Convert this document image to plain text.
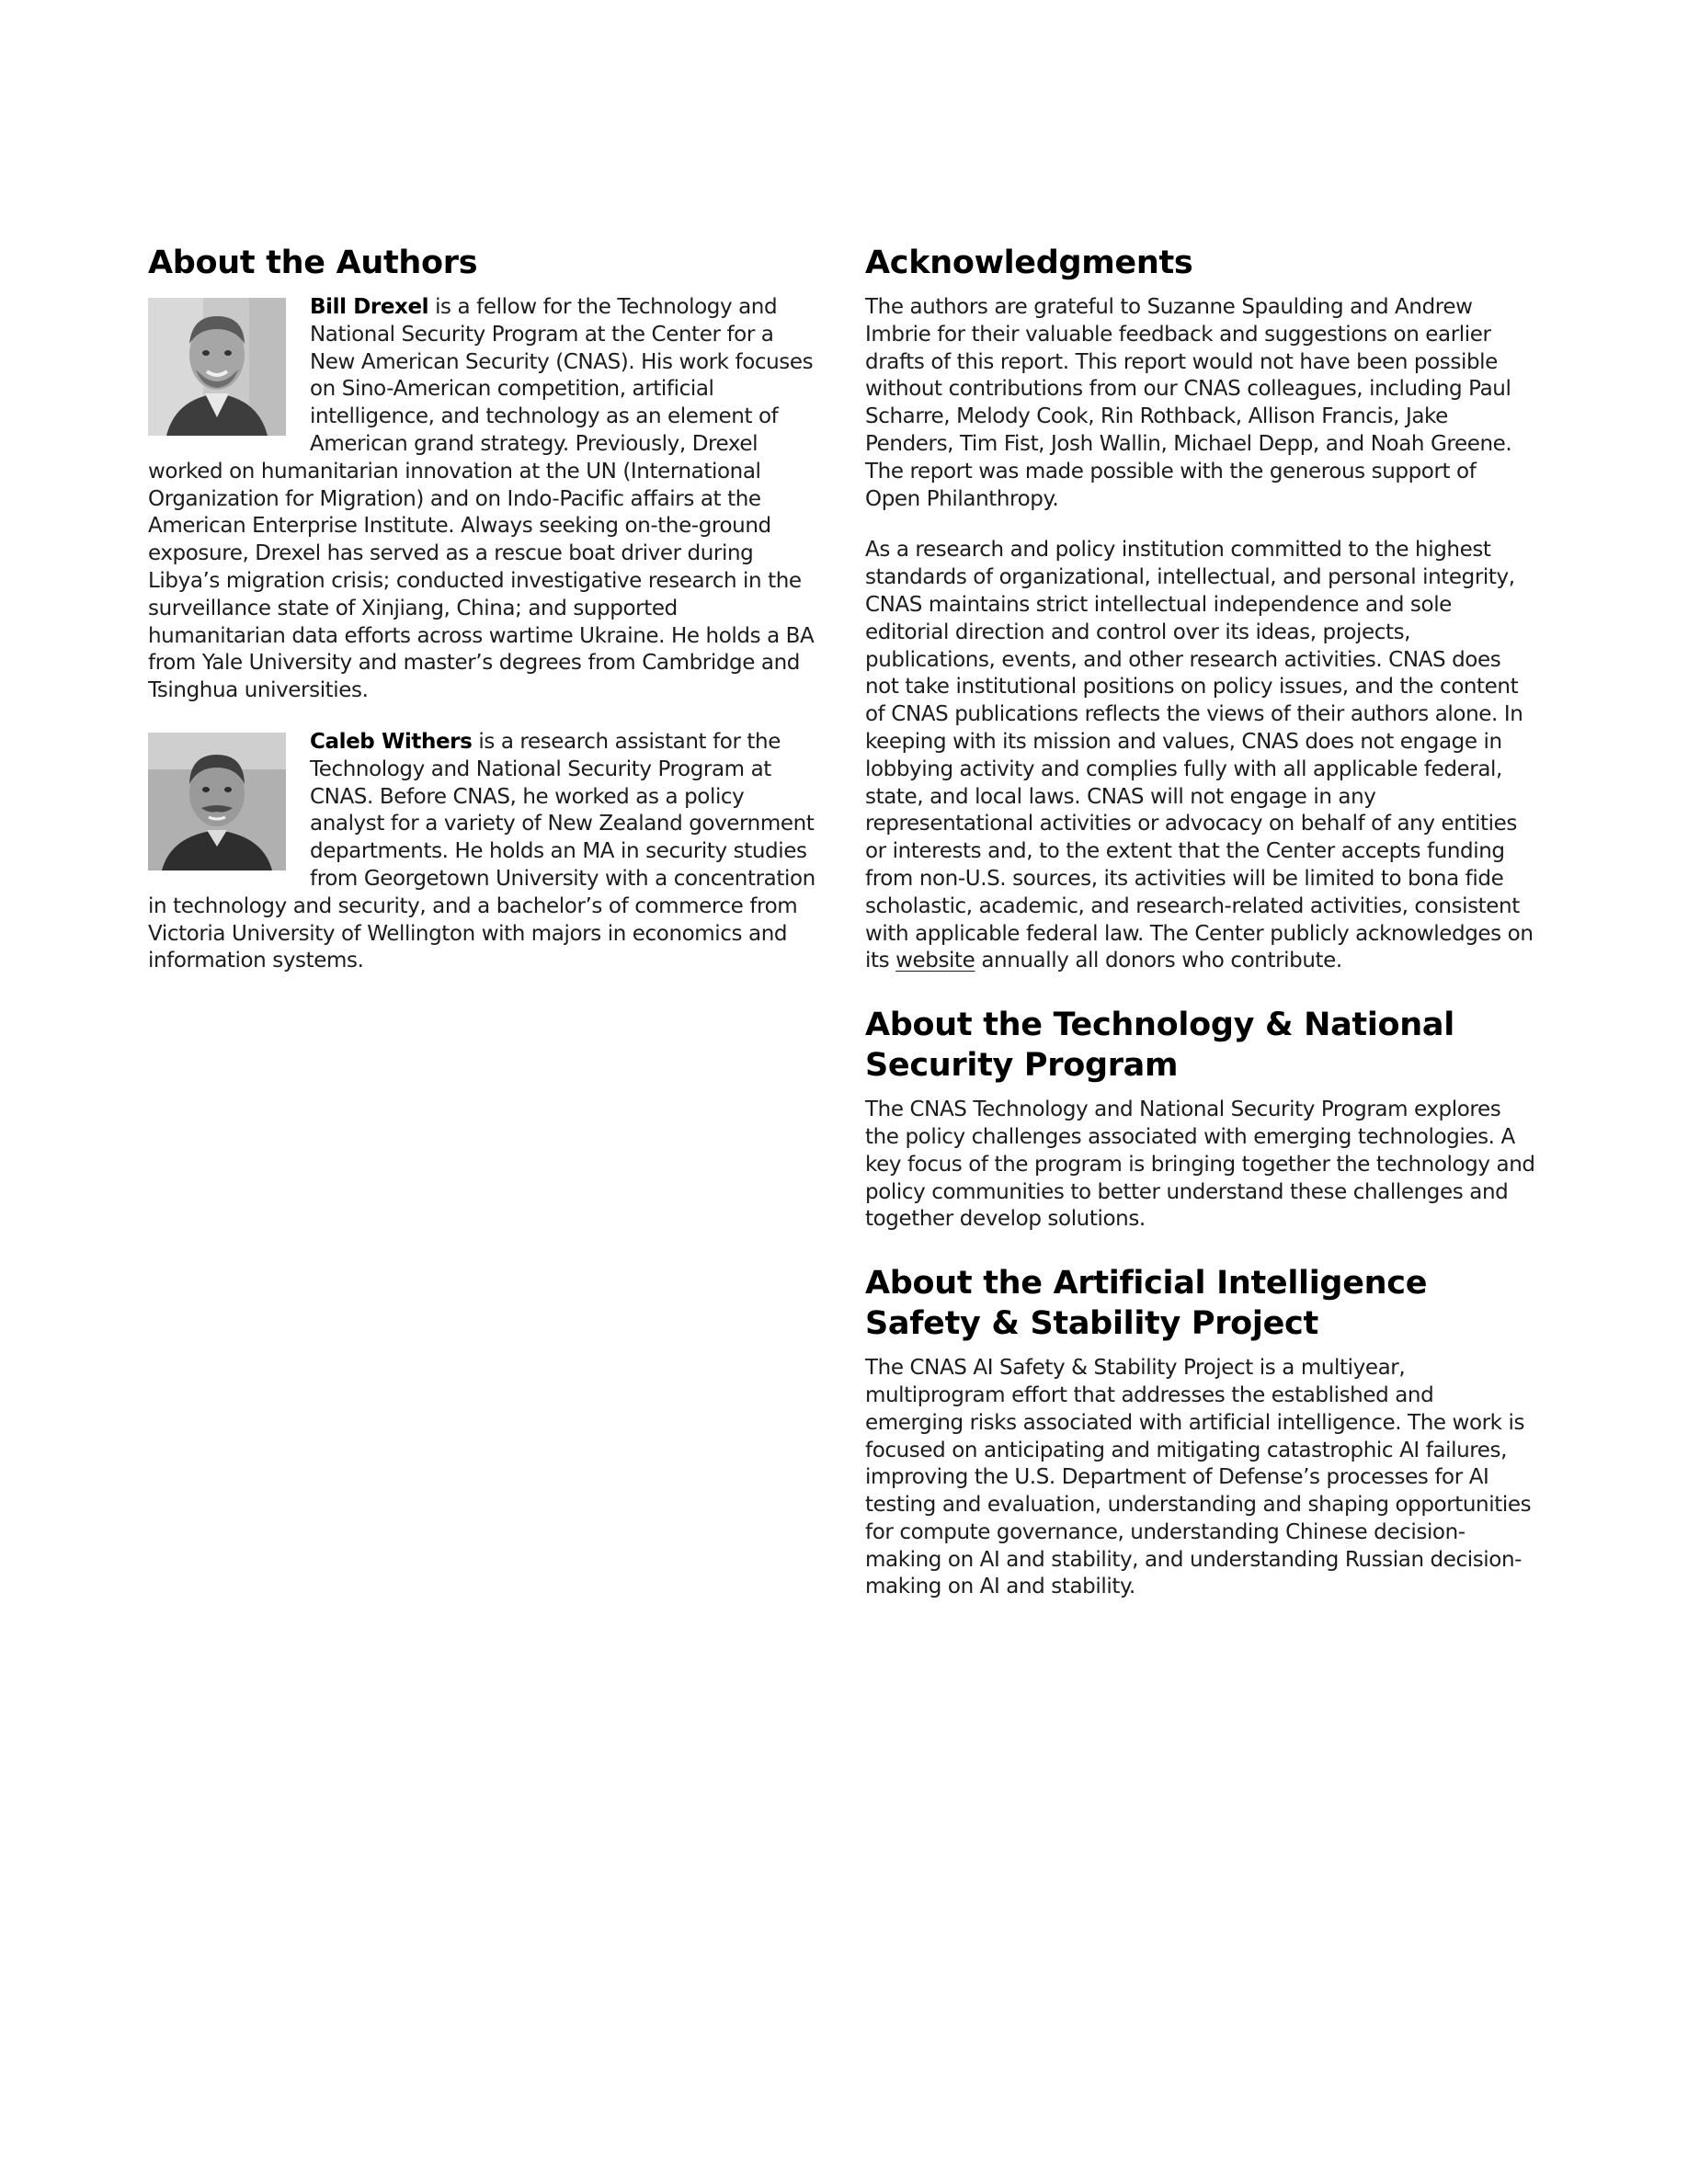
About the Authors

Bill Drexel is a fellow for the Technology and National Security Program at the Center for a New American Security (CNAS). His work focuses on Sino-American competition, artificial intelligence, and technology as an element of American grand strategy. Previously, Drexel worked on humanitarian innovation at the UN (International Organization for Migration) and on Indo-Pacific affairs at the American Enterprise Institute. Always seeking on-the-ground exposure, Drexel has served as a rescue boat driver during Libya’s migration crisis; conducted investigative research in the surveillance state of Xinjiang, China; and supported humanitarian data efforts across wartime Ukraine. He holds a BA from Yale University and master’s degrees from Cambridge and Tsinghua universities.

Caleb Withers is a research assistant for the Technology and National Security Program at CNAS. Before CNAS, he worked as a policy analyst for a variety of New Zealand government departments. He holds an MA in security studies from Georgetown University with a concentration in technology and security, and a bachelor’s of commerce from Victoria University of Wellington with majors in economics and information systems.

Acknowledgments

The authors are grateful to Suzanne Spaulding and Andrew Imbrie for their valuable feedback and suggestions on earlier drafts of this report. This report would not have been possible without contributions from our CNAS colleagues, including Paul Scharre, Melody Cook, Rin Rothback, Allison Francis, Jake Penders, Tim Fist, Josh Wallin, Michael Depp, and Noah Greene. The report was made possible with the generous support of Open Philanthropy.

As a research and policy institution committed to the highest standards of organizational, intellectual, and personal integrity, CNAS maintains strict intellectual independence and sole editorial direction and control over its ideas, projects, publications, events, and other research activities. CNAS does not take institutional positions on policy issues, and the content of CNAS publications reflects the views of their authors alone. In keeping with its mission and values, CNAS does not engage in lobbying activity and complies fully with all applicable federal, state, and local laws. CNAS will not engage in any representational activities or advocacy on behalf of any entities or interests and, to the extent that the Center accepts funding from non-U.S. sources, its activities will be limited to bona fide scholastic, academic, and research-related activities, consistent with applicable federal law. The Center publicly acknowledges on its website annually all donors who contribute.

About the Technology & National Security Program

The CNAS Technology and National Security Program explores the policy challenges associated with emerging technologies. A key focus of the program is bringing together the technology and policy communities to better understand these challenges and together develop solutions.

About the Artificial Intelligence Safety & Stability Project

The CNAS AI Safety & Stability Project is a multiyear, multiprogram effort that addresses the established and emerging risks associated with artificial intelligence. The work is focused on anticipating and mitigating catastrophic AI failures, improving the U.S. Department of Defense’s processes for AI testing and evaluation, understanding and shaping opportunities for compute governance, understanding Chinese decision-making on AI and stability, and understanding Russian decision-making on AI and stability.
